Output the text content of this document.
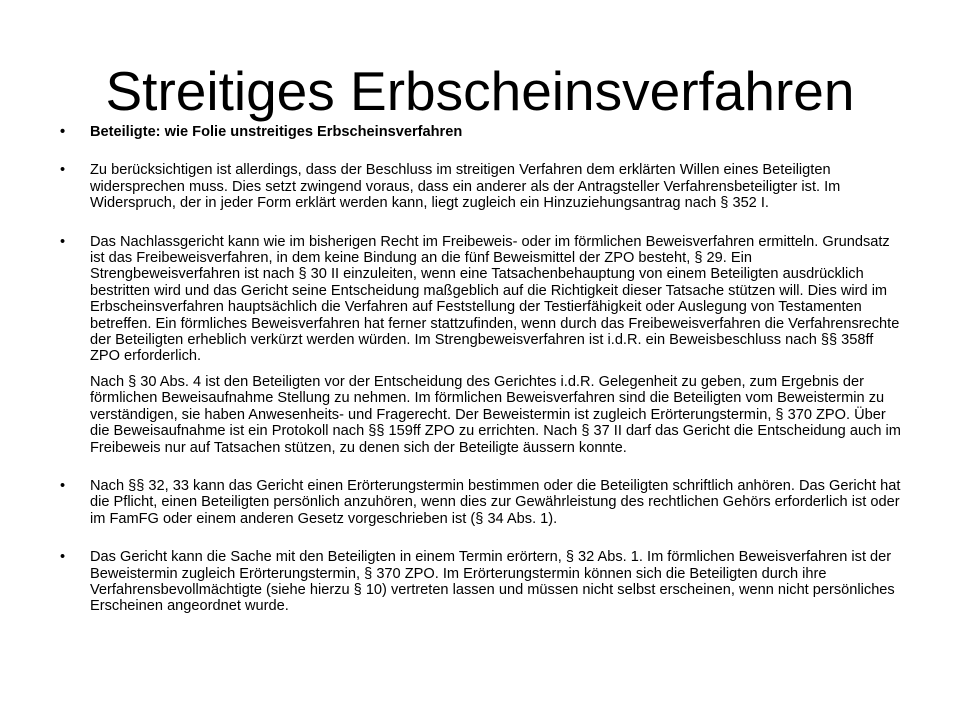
Streitiges Erbscheinsverfahren
•	Beteiligte: wie Folie unstreitiges Erbscheinsverfahren

•	Zu berücksichtigen ist allerdings, dass der Beschluss im streitigen Verfahren dem erklärten Willen eines Beteiligten widersprechen muss. Dies setzt zwingend voraus, dass ein anderer als der Antragsteller Verfahrensbeteiligter ist. Im Widerspruch, der in jeder Form erklärt werden kann, liegt zugleich ein Hinzuziehungsantrag nach § 352 I.

•	Das Nachlassgericht kann wie im bisherigen Recht im Freibeweis- oder im förmlichen Beweisverfahren ermitteln. Grundsatz ist das Freibeweisverfahren, in dem keine Bindung an die fünf Beweismittel der ZPO besteht, § 29. Ein Strengbeweisverfahren ist nach § 30 II einzuleiten, wenn eine Tatsachenbehauptung von einem Beteiligten ausdrücklich bestritten wird und das Gericht seine Entscheidung maßgeblich auf die Richtigkeit dieser Tatsache stützen will. Dies wird im Erbscheinsverfahren hauptsächlich die Verfahren auf Feststellung der Testierfähigkeit oder Auslegung von Testamenten betreffen. Ein förmliches Beweisverfahren hat ferner stattzufinden, wenn durch das Freibeweisverfahren die Verfahrensrechte der Beteiligten erheblich verkürzt werden würden. Im Strengbeweisverfahren ist i.d.R. ein Beweisbeschluss nach §§ 358ff ZPO erforderlich.

Nach § 30 Abs. 4 ist den Beteiligten vor der Entscheidung des Gerichtes i.d.R. Gelegenheit zu geben, zum Ergebnis der förmlichen Beweisaufnahme Stellung zu nehmen. Im förmlichen Beweisverfahren sind die Beteiligten vom Beweistermin zu verständigen, sie haben Anwesenheits- und Fragerecht. Der Beweistermin ist zugleich Erörterungstermin, § 370 ZPO. Über die Beweisaufnahme ist ein Protokoll nach §§ 159ff ZPO zu errichten. Nach § 37 II darf das Gericht die Entscheidung auch im Freibeweis nur auf Tatsachen stützen, zu denen sich der Beteiligte äussern konnte.

•	Nach §§ 32, 33 kann das Gericht einen Erörterungstermin bestimmen oder die Beteiligten schriftlich anhören. Das Gericht hat die Pflicht, einen Beteiligten persönlich anzuhören, wenn dies zur Gewährleistung des rechtlichen Gehörs erforderlich ist oder im FamFG oder einem anderen Gesetz vorgeschrieben ist (§ 34 Abs. 1).

•	Das Gericht kann die Sache mit den Beteiligten in einem Termin erörtern, § 32 Abs. 1. Im förmlichen Beweisverfahren ist der Beweistermin zugleich Erörterungstermin, § 370 ZPO. Im Erörterungstermin können sich die Beteiligten durch ihre Verfahrensbevollmächtigte (siehe hierzu § 10) vertreten lassen und müssen nicht selbst erscheinen, wenn nicht persönliches Erscheinen angeordnet wurde.
